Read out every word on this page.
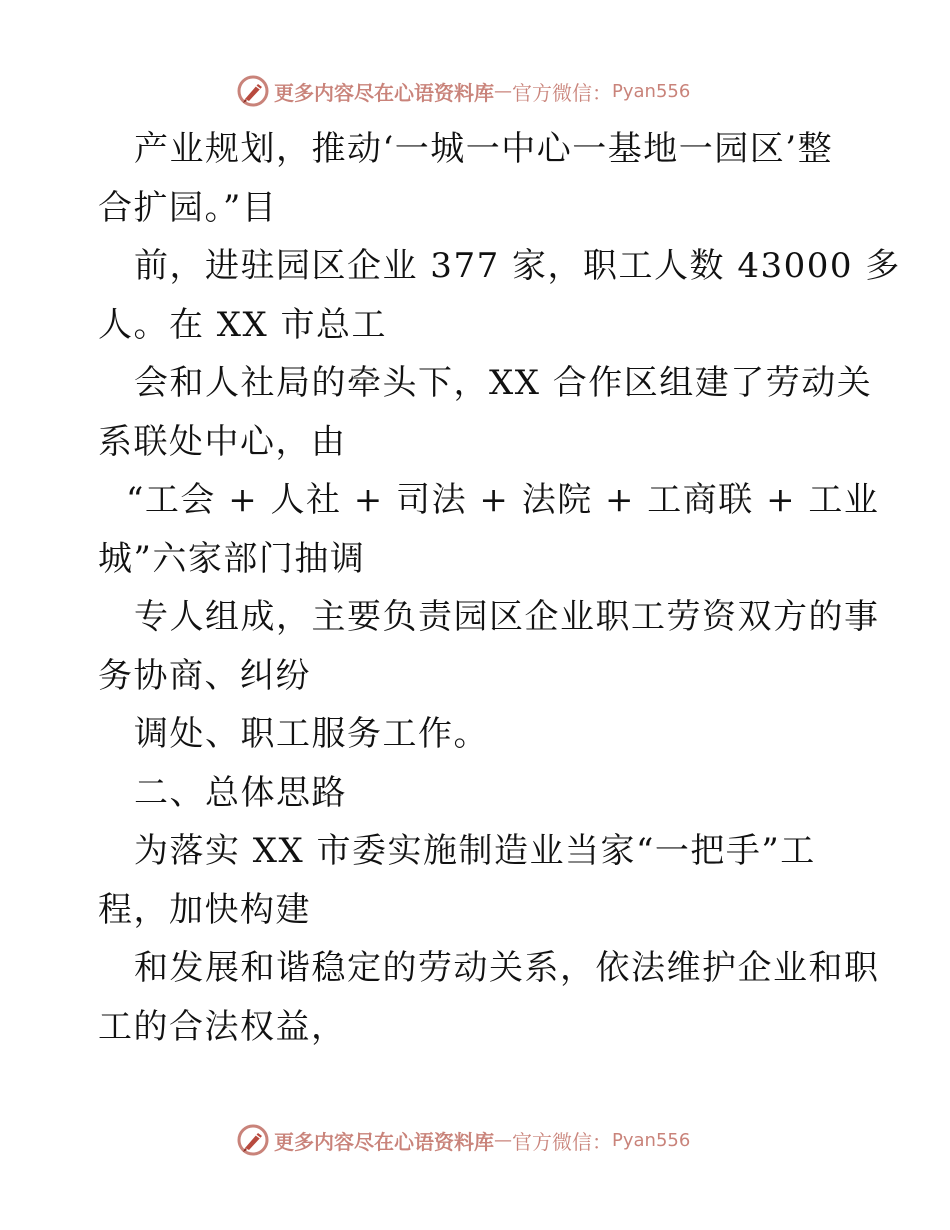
更多内容尽在心语资料库 — 官方微信： Pyan556
产业规划，推动‘一城一中心一基地一园区’整
合扩园。”目
前，进驻园区企业 377 家，职工人数 43000 多
人。在 XX 市总工
会和人社局的牵头下，XX 合作区组建了劳动关
系联处中心，由
“工会 + 人社 + 司法 + 法院 + 工商联 + 工业
城”六家部门抽调
专人组成，主要负责园区企业职工劳资双方的事
务协商、纠纷
调处、职工服务工作。
二、总体思路
为落实 XX 市委实施制造业当家“一把手”工
程，加快构建
和发展和谐稳定的劳动关系，依法维护企业和职
工的合法权益，
更多内容尽在心语资料库 — 官方微信： Pyan556
